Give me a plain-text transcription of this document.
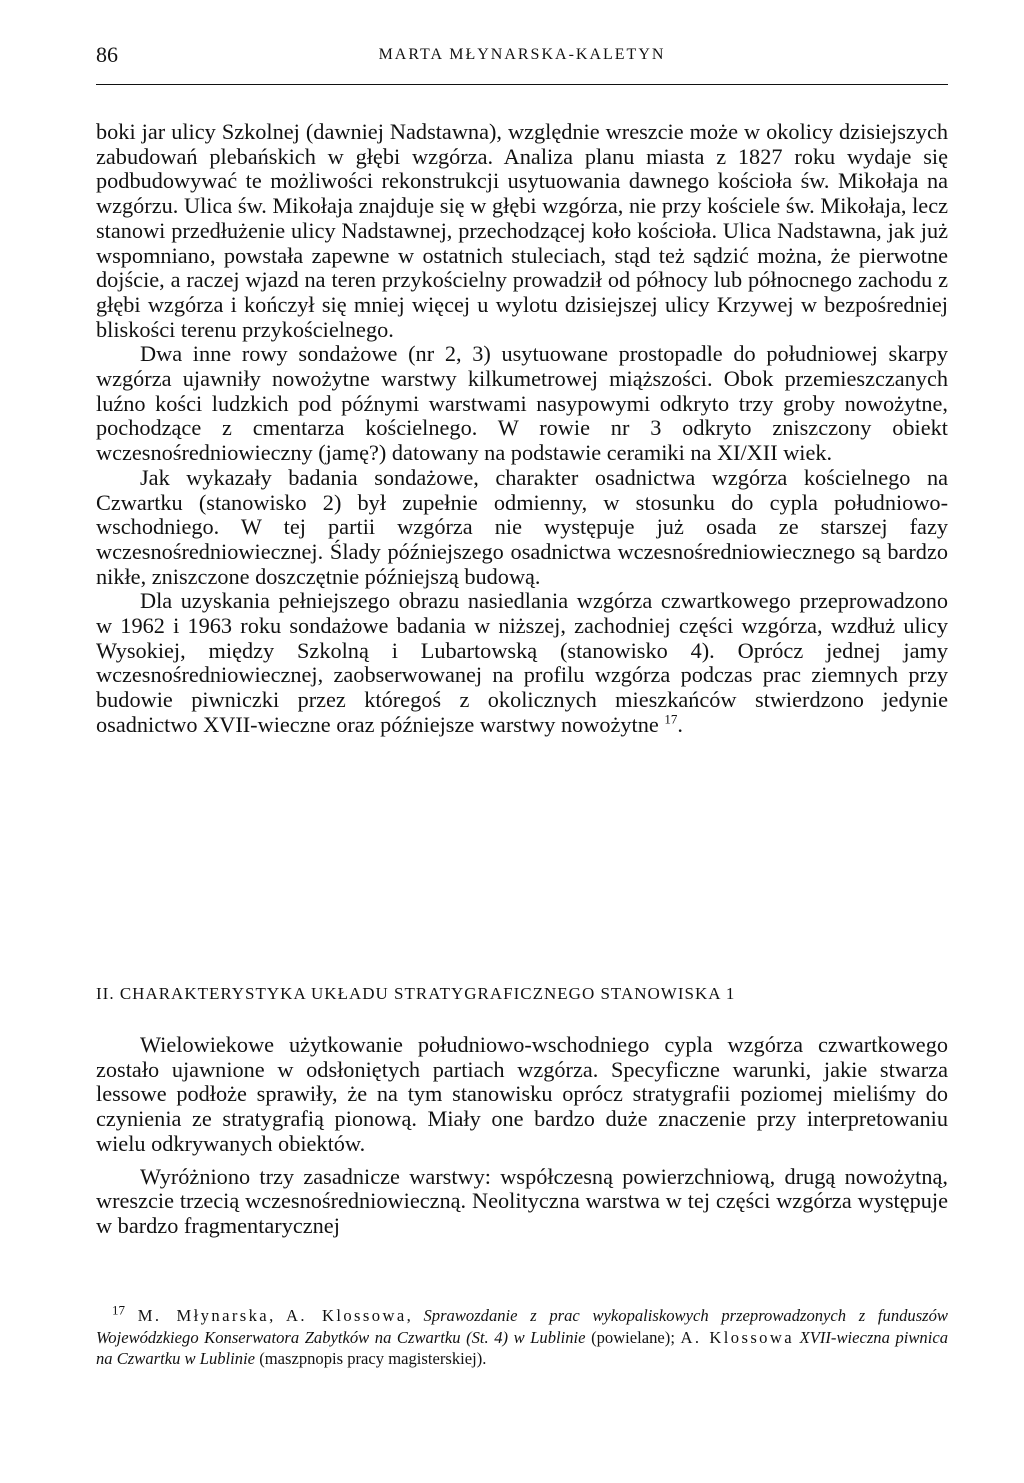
86	MARTA MŁYNARSKA-KALETYN

boki jar ulicy Szkolnej (dawniej Nadstawna), względnie wreszcie może w okolicy dzisiejszych zabudowań plebańskich w głębi wzgórza. Analiza planu miasta z 1827 roku wydaje się podbudowywać te możliwości rekonstrukcji usytuowania dawnego kościoła św. Mikołaja na wzgórzu. Ulica św. Mikołaja znajduje się w głębi wzgórza, nie przy kościele św. Mikołaja, lecz stanowi przedłużenie ulicy Nadstawnej, przechodzącej koło kościoła. Ulica Nadstawna, jak już wspomniano, powstała zapewne w ostatnich stuleciach, stąd też sądzić można, że pierwotne dojście, a raczej wjazd na teren przykościelny prowadził od północy lub północnego zachodu z głębi wzgórza i kończył się mniej więcej u wylotu dzisiejszej ulicy Krzywej w bezpośredniej bliskości terenu przykościelnego.

Dwa inne rowy sondażowe (nr 2, 3) usytuowane prostopadle do południowej skarpy wzgórza ujawniły nowożytne warstwy kilkumetrowej miąższości. Obok przemieszczanych luźno kości ludzkich pod późnymi warstwami nasypowymi odkryto trzy groby nowożytne, pochodzące z cmentarza kościelnego. W rowie nr 3 odkryto zniszczony obiekt wczesnośredniowieczny (jamę?) datowany na podstawie ceramiki na XI/XII wiek.

Jak wykazały badania sondażowe, charakter osadnictwa wzgórza kościelnego na Czwartku (stanowisko 2) był zupełnie odmienny, w stosunku do cypla południowo-wschodniego. W tej partii wzgórza nie występuje już osada ze starszej fazy wczesnośredniowiecznej. Ślady późniejszego osadnictwa wczesnośredniowiecznego są bardzo nikłe, zniszczone doszczętnie późniejszą budową.

Dla uzyskania pełniejszego obrazu nasiedlania wzgórza czwartkowego przeprowadzono w 1962 i 1963 roku sondażowe badania w niższej, zachodniej części wzgórza, wzdłuż ulicy Wysokiej, między Szkolną i Lubartowską (stanowisko 4). Oprócz jednej jamy wczesnośredniowiecznej, zaobserwowanej na profilu wzgórza podczas prac ziemnych przy budowie piwniczki przez któregoś z okolicznych mieszkańców stwierdzono jedynie osadnictwo XVII-wieczne oraz późniejsze warstwy nowożytne $^{17}$.

II. CHARAKTERYSTYKA UKŁADU STRATYGRAFICZNEGO STANOWISKA 1

Wielowiekowe użytkowanie południowo-wschodniego cypla wzgórza czwartkowego zostało ujawnione w odsłoniętych partiach wzgórza. Specyficzne warunki, jakie stwarza lessowe podłoże sprawiły, że na tym stanowisku oprócz stratygrafii poziomej mieliśmy do czynienia ze stratygrafią pionową. Miały one bardzo duże znaczenie przy interpretowaniu wielu odkrywanych obiektów.

Wyróżniono trzy zasadnicze warstwy: współczesną powierzchniową, drugą nowożytną, wreszcie trzecią wczesnośredniowieczną. Neolityczna warstwa w tej części wzgórza występuje w bardzo fragmentarycznej

$^{17}$ M. Młynarska, A. Klossowa, Sprawozdanie z prac wykopaliskowych przeprowadzonych z funduszów Wojewódzkiego Konserwatora Zabytków na Czwartku (St. 4) w Lublinie (powielane); A. Klossowa XVII-wieczna piwnica na Czwartku w Lublinie (maszpnopis pracy magisterskiej).
